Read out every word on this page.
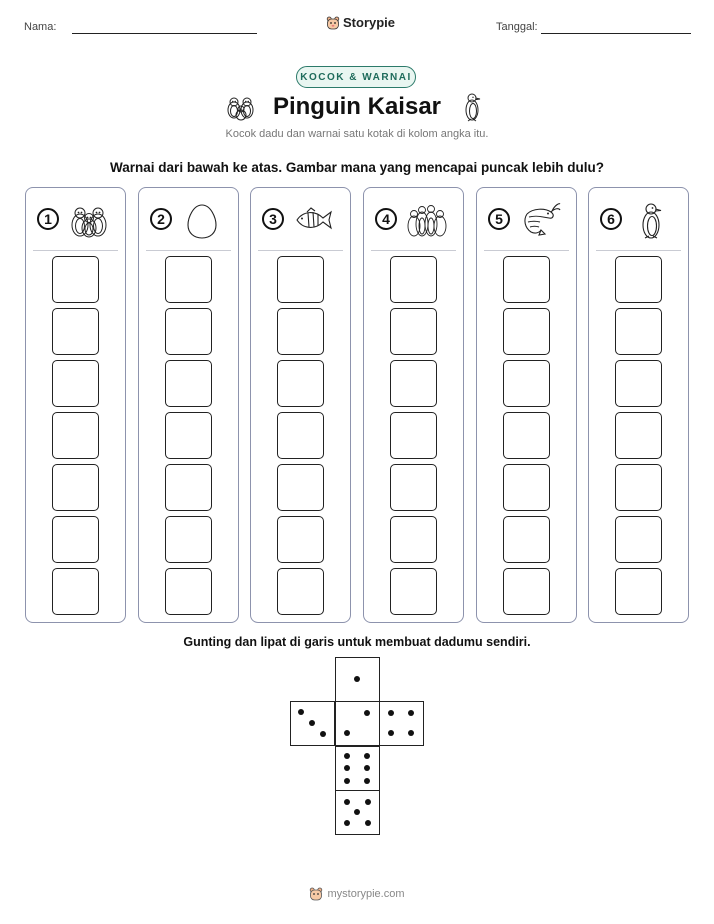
Nama:	Storypie	Tanggal:
KOCOK & WARNAI
Pinguin Kaisar
Kocok dadu dan warnai satu kotak di kolom angka itu.
Warnai dari bawah ke atas. Gambar mana yang mencapai puncak lebih dulu?
1	2	3	4	5	6
Gunting dan lipat di garis untuk membuat dadumu sendiri.
mystorypie.com
